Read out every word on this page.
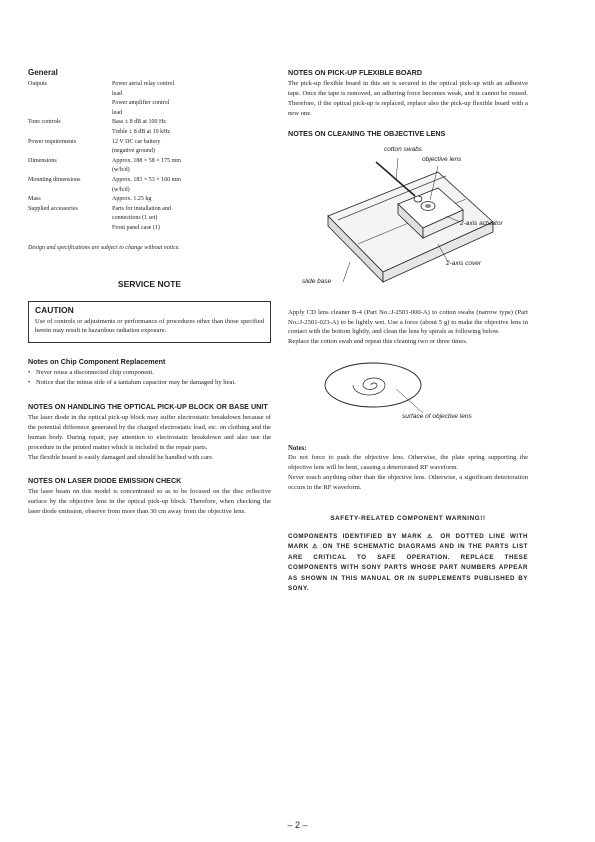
General
Outputs	Power aerial relay control
lead
Power amplifier control
lead

Tone controls	Bass ± 8 dB at 100 Hz
Treble ± 8 dB at 10 kHz

Power requirements	12 V DC car battery
(negative ground)

Dimensions	Approx. 188 × 58 × 175 mm
(w/h/d)

Mounting dimensions	Approx. 183 × 53 × 160 mm
(w/h/d)

Mass	Approx. 1.25 kg

Supplied accessories	Parts for installation and
connections (1 set)
Front panel case (1)
Design and specifications are subject to change without notice.
SERVICE NOTE
CAUTION

Use of controls or adjustments or performance of procedures other than those specified herein may result in hazardous radiation exposure.

Notes on Chip Component Replacement
• Never reuse a disconnected chip component.
• Notice that the minus side of a tantalum capacitor may be damaged by heat.
NOTES ON HANDLING THE OPTICAL PICK-UP BLOCK OR BASE UNIT

The laser diode in the optical pick-up block may suffer electrostatic breakdown because of the potential difference generated by the charged electrostatic load, etc. on clothing and the human body. During repair, pay attention to electrostatic breakdown and also use the procedure in the printed matter which is included in the repair parts.

The flexible board is easily damaged and should be handled with care.

NOTES ON LASER DIODE EMISSION CHECK

The laser beam on this model is concentrated so as to be focused on the disc reflective surface by the objective lens in the optical pick-up block. Therefore, when checking the laser diode emission, observe from more than 30 cm away from the objective lens.

NOTES ON PICK-UP FLEXIBLE BOARD

The pick-up flexible board in this set is secured to the optical pick-up with an adhesive tape. Once the tape is removed, an adhering force becomes weak, and it cannot be reused. Therefore, if the optical pick-up is replaced, replace also the pick-up flexible board with a new one.

NOTES ON CLEANING THE OBJECTIVE LENS
cotton swabs
objective lens
2-axis actuator
2-axis cover
slide base

Apply CD lens cleaner B-4 (Part No.:J-2501-000-A) to cotton swabs (narrow type) (Part No.:J-2501-023-A) to be lightly wet. Use a force (about 5 g) to make the objective lens in contact with the bottom lightly, and clean the lens by spirals as following below.

Replace the cotton swab and repeat this cleaning two or three times.

surface of objective lens
Notes:

Do not force to push the objective lens. Otherwise, the plate spring supporting the objective lens will be bent, causing a deteriorated RF waveform.

Never touch anything other than the objective lens. Otherwise, a significant deterioration occurs in the RF waveform.

SAFETY-RELATED COMPONENT WARNING!!
COMPONENTS IDENTIFIED BY MARK ⚠ OR DOTTED LINE WITH MARK ⚠ ON THE SCHEMATIC DIAGRAMS AND IN THE PARTS LIST ARE CRITICAL TO SAFE OPERATION. REPLACE THESE COMPONENTS WITH SONY PARTS WHOSE PART NUMBERS APPEAR AS SHOWN IN THIS MANUAL OR IN SUPPLEMENTS PUBLISHED BY SONY.
– 2 –
